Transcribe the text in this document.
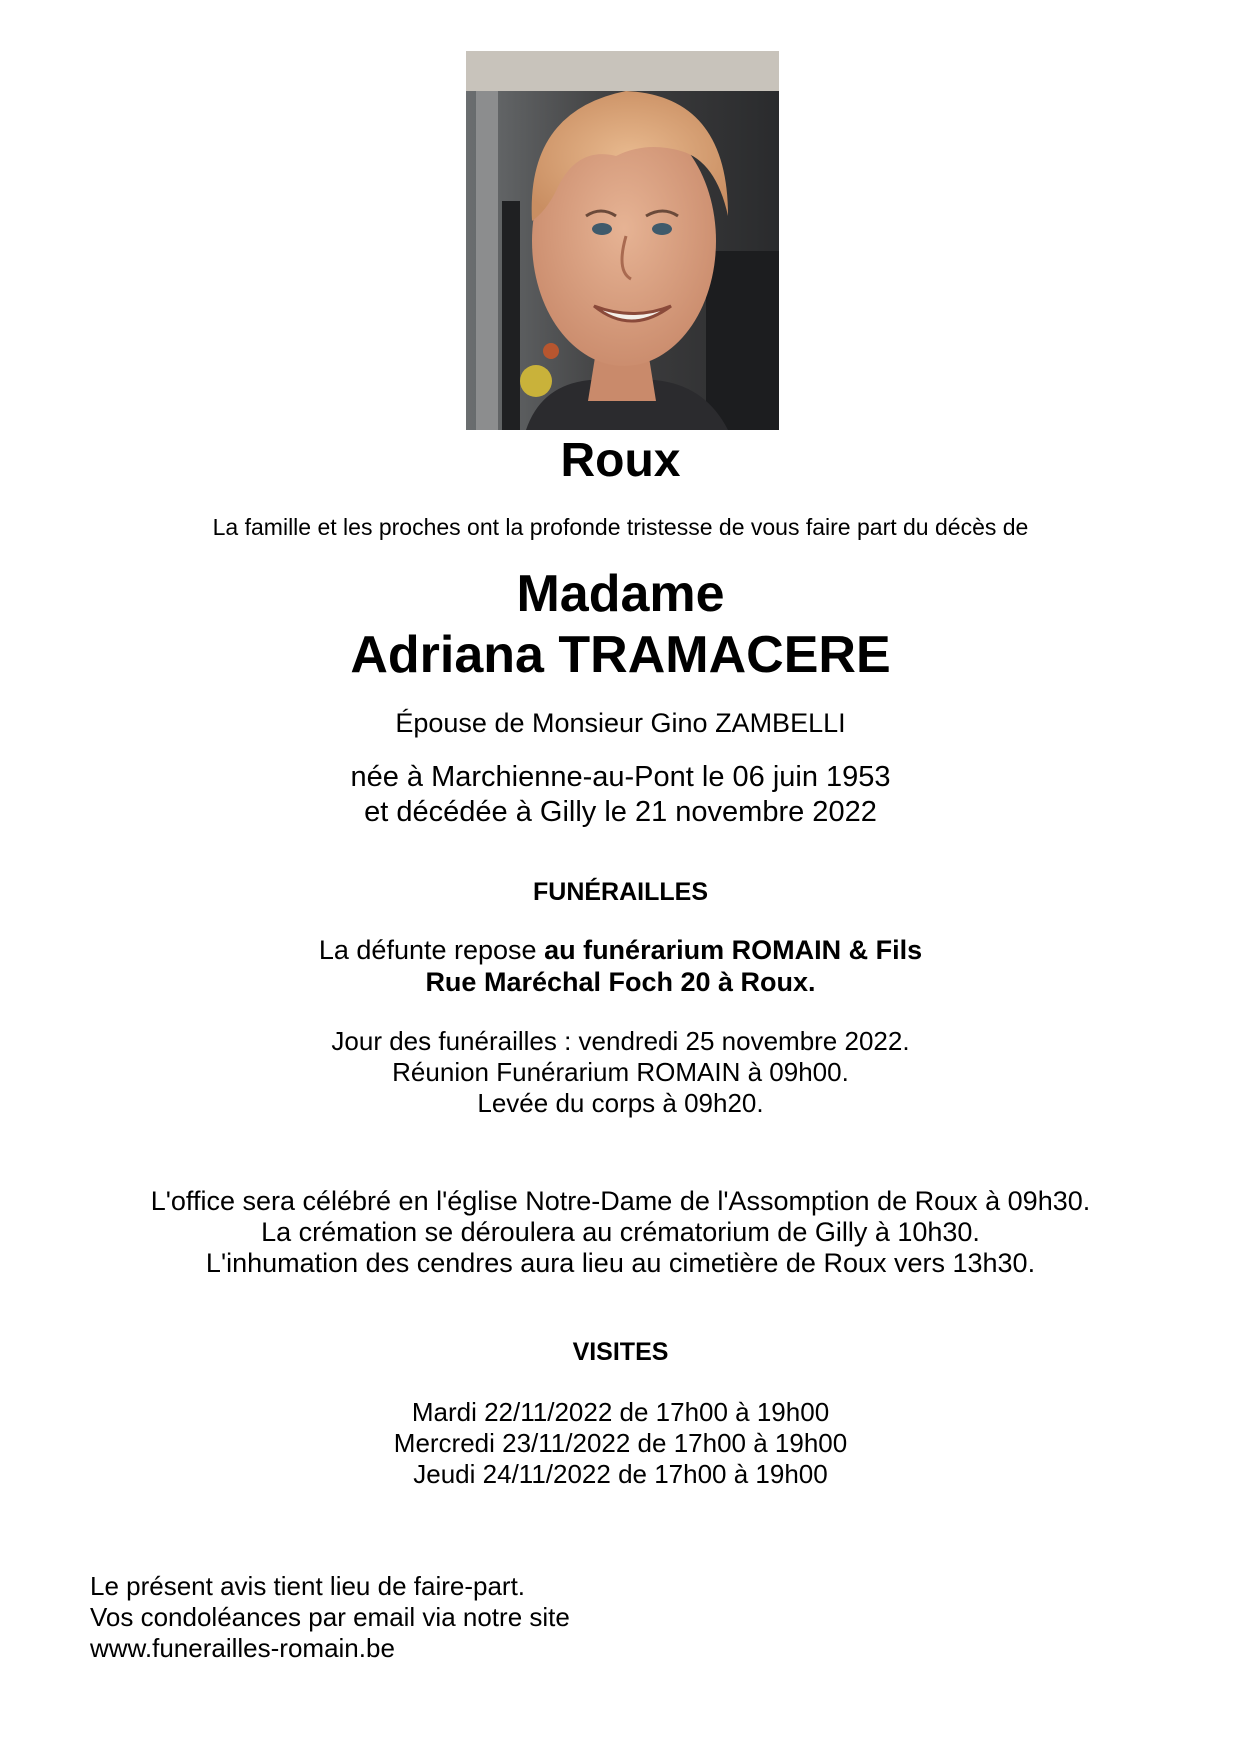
Roux
La famille et les proches ont la profonde tristesse de vous faire part du décès de
Madame
Adriana TRAMACERE
Épouse de Monsieur Gino ZAMBELLI
née à Marchienne-au-Pont le 06 juin 1953
et décédée à Gilly le 21 novembre 2022
FUNÉRAILLES
La défunte repose au funérarium ROMAIN & Fils
Rue Maréchal Foch 20 à Roux.
Jour des funérailles : vendredi 25 novembre 2022.
Réunion Funérarium ROMAIN à 09h00.
Levée du corps à 09h20.
L'office sera célébré en l'église Notre-Dame de l'Assomption de Roux à 09h30.
La crémation se déroulera au crématorium de Gilly à 10h30.
L'inhumation des cendres aura lieu au cimetière de Roux vers 13h30.
VISITES
Mardi 22/11/2022 de 17h00 à 19h00
Mercredi 23/11/2022 de 17h00 à 19h00
Jeudi 24/11/2022 de 17h00 à 19h00
Le présent avis tient lieu de faire-part.
Vos condoléances par email via notre site
www.funerailles-romain.be
